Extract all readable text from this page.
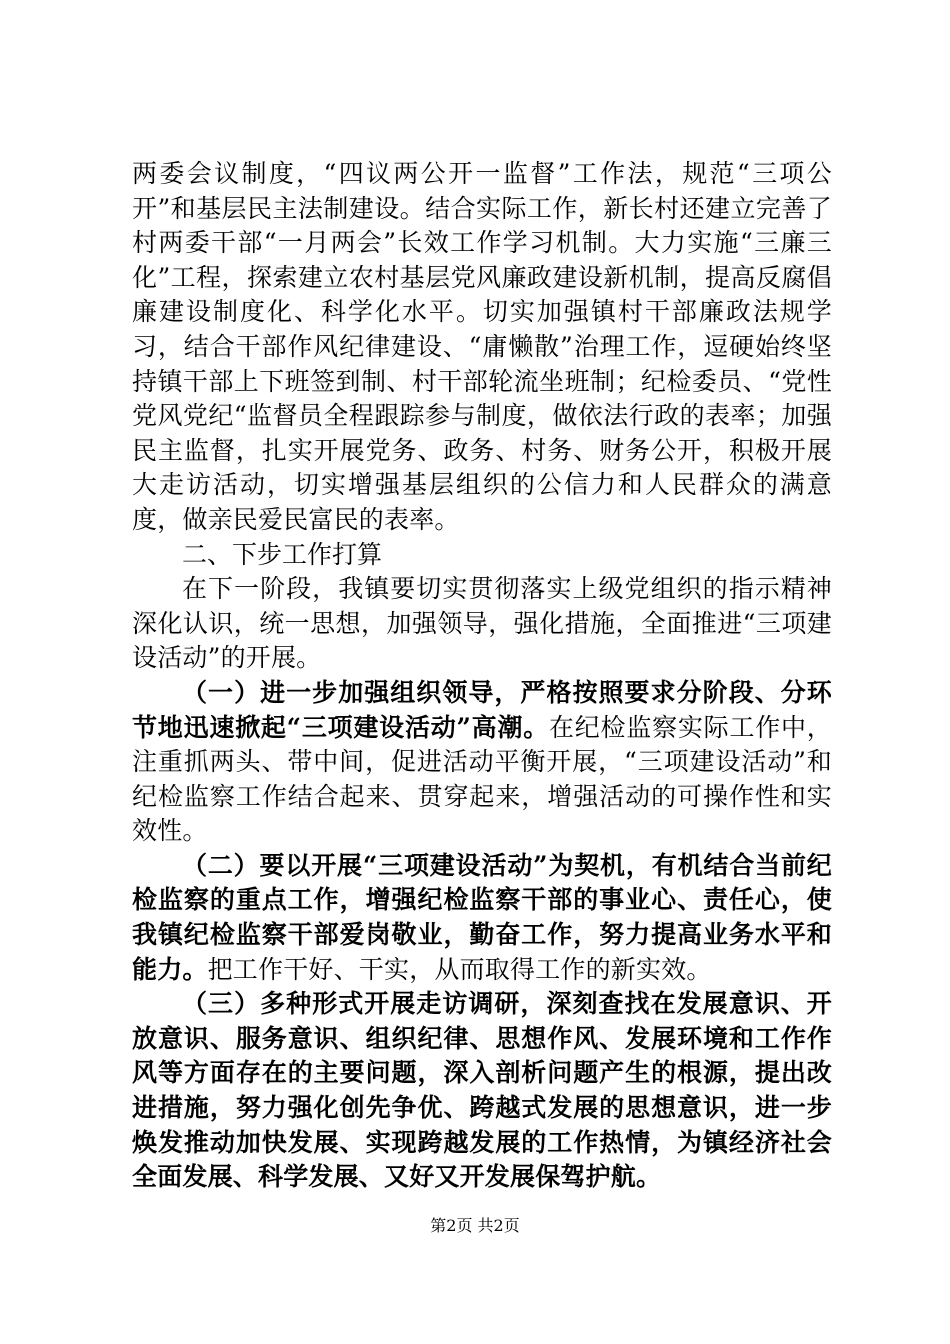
两委会议制度，“四议两公开一监督”工作法，规范“三项公开”和基层民主法制建设。结合实际工作，新长村还建立完善了村两委干部“一月两会”长效工作学习机制。大力实施“三廉三化”工程，探索建立农村基层党风廉政建设新机制，提高反腐倡廉建设制度化、科学化水平。切实加强镇村干部廉政法规学习，结合干部作风纪律建设、“庸懒散”治理工作，逗硬始终坚持镇干部上下班签到制、村干部轮流坐班制；纪检委员、“党性党风党纪“监督员全程跟踪参与制度，做依法行政的表率；加强民主监督，扎实开展党务、政务、村务、财务公开，积极开展大走访活动，切实增强基层组织的公信力和人民群众的满意度，做亲民爱民富民的表率。

二、下步工作打算

在下一阶段，我镇要切实贯彻落实上级党组织的指示精神深化认识，统一思想，加强领导，强化措施，全面推进“三项建设活动”的开展。

（一）进一步加强组织领导，严格按照要求分阶段、分环节地迅速掀起“三项建设活动”高潮。在纪检监察实际工作中，注重抓两头、带中间，促进活动平衡开展，“三项建设活动”和纪检监察工作结合起来、贯穿起来，增强活动的可操作性和实效性。

（二）要以开展“三项建设活动”为契机，有机结合当前纪检监察的重点工作，增强纪检监察干部的事业心、责任心，使我镇纪检监察干部爱岗敬业，勤奋工作，努力提高业务水平和能力。把工作干好、干实，从而取得工作的新实效。

（三）多种形式开展走访调研，深刻查找在发展意识、开放意识、服务意识、组织纪律、思想作风、发展环境和工作作风等方面存在的主要问题，深入剖析问题产生的根源，提出改进措施，努力强化创先争优、跨越式发展的思想意识，进一步焕发推动加快发展、实现跨越发展的工作热情，为镇经济社会全面发展、科学发展、又好又开发展保驾护航。

第2页 共2页
